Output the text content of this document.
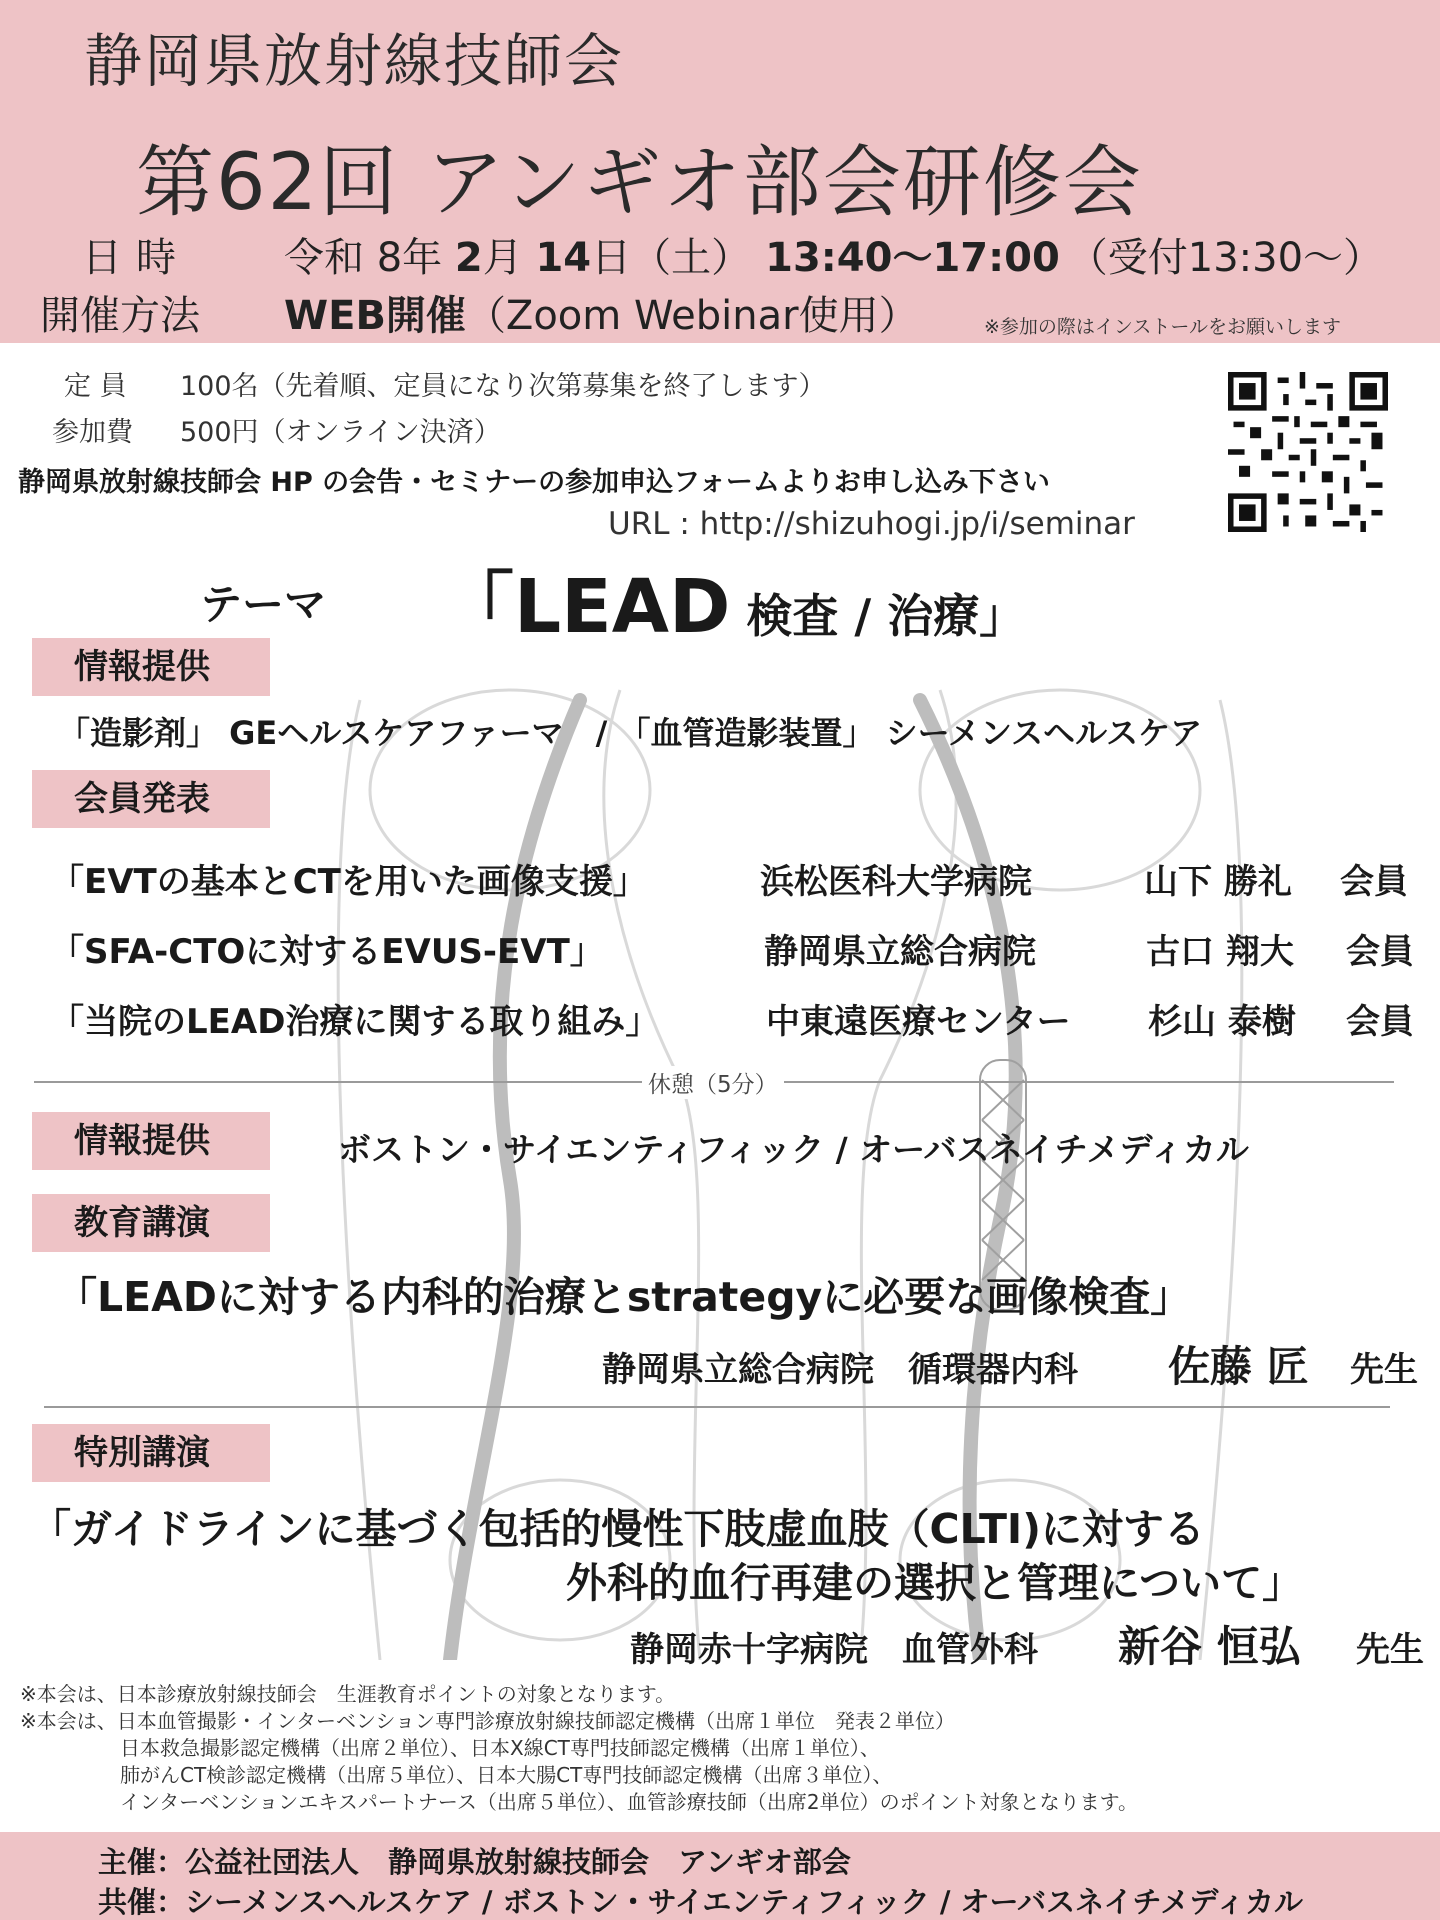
静岡県放射線技師会
第62回 アンギオ部会研修会
日時 令和 8年 2月 14日（土） 13:40〜17:00 （受付13:30〜）
開催方法 WEB開催（Zoom Webinar使用）	※参加の際はインストールをお願いします
定 員 100名（先着順、定員になり次第募集を終了します）
参加費 500円（オンライン決済）
静岡県放射線技師会 HP の会告・セミナーの参加申込フォームよりお申し込み下さい
URL : http://shizuhogi.jp/i/seminar
テーマ 「LEAD 検査 / 治療」
情報提供
「造影剤」 GEヘルスケアファーマ　/ 「血管造影装置」 シーメンスヘルスケア
会員発表
「EVTの基本とCTを用いた画像支援」	浜松医科大学病院	山下 勝礼 会員
「SFA-CTOに対するEVUS-EVT」	静岡県立総合病院	古口 翔大 会員
「当院のLEAD治療に関する取り組み」	中東遠医療センター 杉山 泰樹 会員
休憩（5分）
情報提供	ボストン・サイエンティフィック / オーバスネイチメディカル
教育講演
「LEADに対する内科的治療とstrategyに必要な画像検査」
静岡県立総合病院　循環器内科 佐藤 匠 先生
特別講演
「ガイドラインに基づく包括的慢性下肢虚血肢（CLTI)に対する
外科的血行再建の選択と管理について」
静岡赤十字病院　血管外科 新谷 恒弘 先生
※本会は、日本診療放射線技師会　生涯教育ポイントの対象となります。
※本会は、日本血管撮影・インターベンション専門診療放射線技師認定機構（出席１単位　発表２単位）
　　　　　日本救急撮影認定機構（出席２単位）、日本X線CT専門技師認定機構（出席１単位）、
　　　　　肺がんCT検診認定機構（出席５単位）、日本大腸CT専門技師認定機構（出席３単位）、
　　　　　インターベンションエキスパートナース（出席５単位）、血管診療技師（出席2単位）のポイント対象となります。
主催：公益社団法人　静岡県放射線技師会　アンギオ部会
共催：シーメンスヘルスケア / ボストン・サイエンティフィック / オーバスネイチメディカル
